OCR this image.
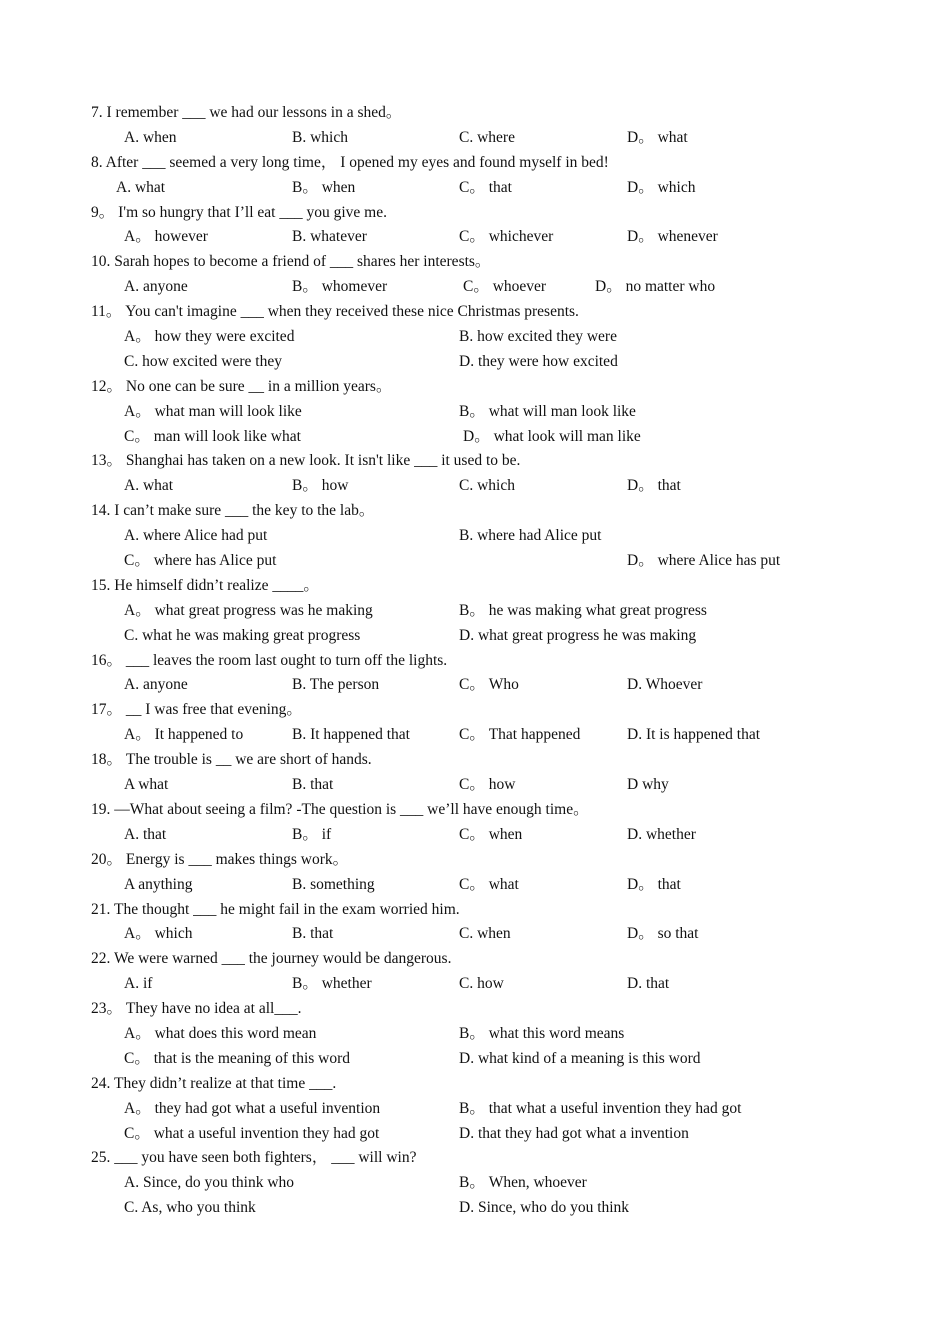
7. I remember ___ we had our lessons in a shed。
A. when	B. which	C. where	D。 what
8. After ___ seemed a very long time， I opened my eyes and found myself in bed!
A. what	B。 when	C。 that	D。 which
9。 I'm so hungry that I’ll eat ___ you give me.
A。 however	B. whatever	C。 whichever	D。 whenever
10. Sarah hopes to become a friend of ___ shares her interests。
A. anyone	B。 whomever	C。 whoever	D。 no matter who
11。 You can't imagine ___ when they received these nice Christmas presents.
A。 how they were excited	B. how excited they were
C. how excited were they	D. they were how excited
12。 No one can be sure __ in a million years。
A。 what man will look like	B。 what will man look like
C。 man will look like what	D。 what look will man like
13。 Shanghai has taken on a new look. It isn't like ___ it used to be.
A. what	B。 how	C. which	D。 that
14. I can’t make sure ___ the key to the lab。
A. where Alice had put	B. where had Alice put
C。 where has Alice put	D。 where Alice has put
15. He himself didn’t realize ____。
A。 what great progress was he making	B。 he was making what great progress
C. what he was making great progress	D. what great progress he was making
16。 ___ leaves the room last ought to turn off the lights.
A. anyone	B. The person	C。 Who	D. Whoever
17。 __ I was free that evening。
A。 It happened to	B. It happened that	C。 That happened	D. It is happened that
18。 The trouble is __ we are short of hands.
A what	B. that	C。 how	D why
19. —What about seeing a film? -The question is ___ we’ll have enough time。
A. that	B。 if	C。 when	D. whether
20。 Energy is ___ makes things work。
A anything	B. something	C。 what	D。 that
21. The thought ___ he might fail in the exam worried him.
A。 which	B. that	C. when	D。 so that
22. We were warned ___ the journey would be dangerous.
A. if	B。 whether	C. how	D. that
23。 They have no idea at all___.
A。 what does this word mean	B。 what this word means
C。 that is the meaning of this word	D. what kind of a meaning is this word
24. They didn’t realize at that time ___.
A。 they had got what a useful invention	B。 that what a useful invention they had got
C。 what a useful invention they had got	D. that they had got what a invention
25. ___ you have seen both fighters， ___ will win?
A. Since, do you think who	B。 When, whoever
C. As, who you think	D. Since, who do you think
